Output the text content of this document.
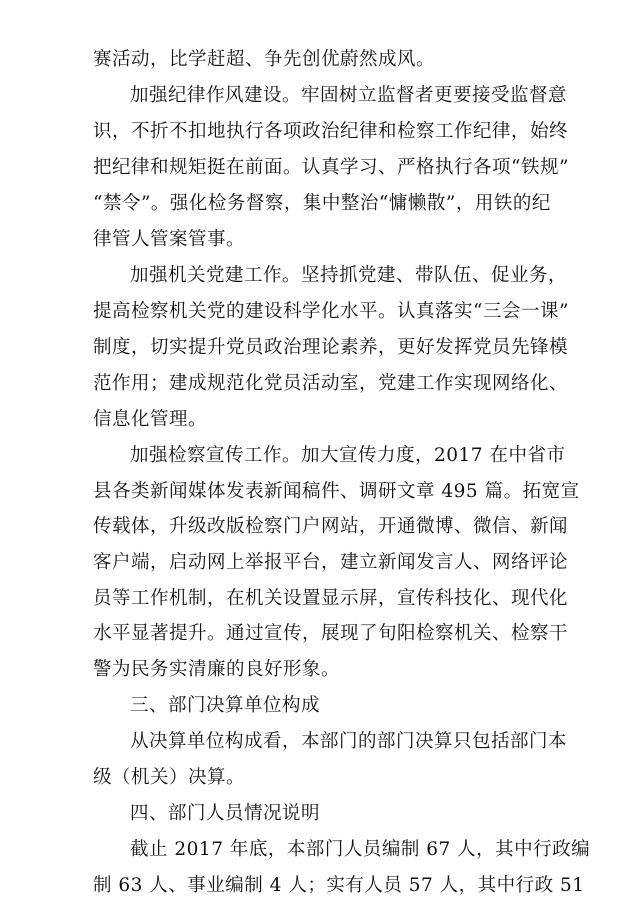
赛活动，比学赶超、争先创优蔚然成风。
加强纪律作风建设。牢固树立监督者更要接受监督意
识，不折不扣地执行各项政治纪律和检察工作纪律，始终
把纪律和规矩挺在前面。认真学习、严格执行各项“铁规”
“禁令”。强化检务督察，集中整治“慵懒散”，用铁的纪
律管人管案管事。
加强机关党建工作。坚持抓党建、带队伍、促业务，
提高检察机关党的建设科学化水平。认真落实“三会一课”
制度，切实提升党员政治理论素养，更好发挥党员先锋模
范作用；建成规范化党员活动室，党建工作实现网络化、
信息化管理。
加强检察宣传工作。加大宣传力度，2017 在中省市
县各类新闻媒体发表新闻稿件、调研文章 495 篇。拓宽宣
传载体，升级改版检察门户网站，开通微博、微信、新闻
客户端，启动网上举报平台，建立新闻发言人、网络评论
员等工作机制，在机关设置显示屏，宣传科技化、现代化
水平显著提升。通过宣传，展现了旬阳检察机关、检察干
警为民务实清廉的良好形象。
三、部门决算单位构成
从决算单位构成看，本部门的部门决算只包括部门本
级（机关）决算。
四、部门人员情况说明
截止 2017 年底，本部门人员编制 67 人，其中行政编
制 63 人、事业编制 4 人；实有人员 57 人，其中行政 51
